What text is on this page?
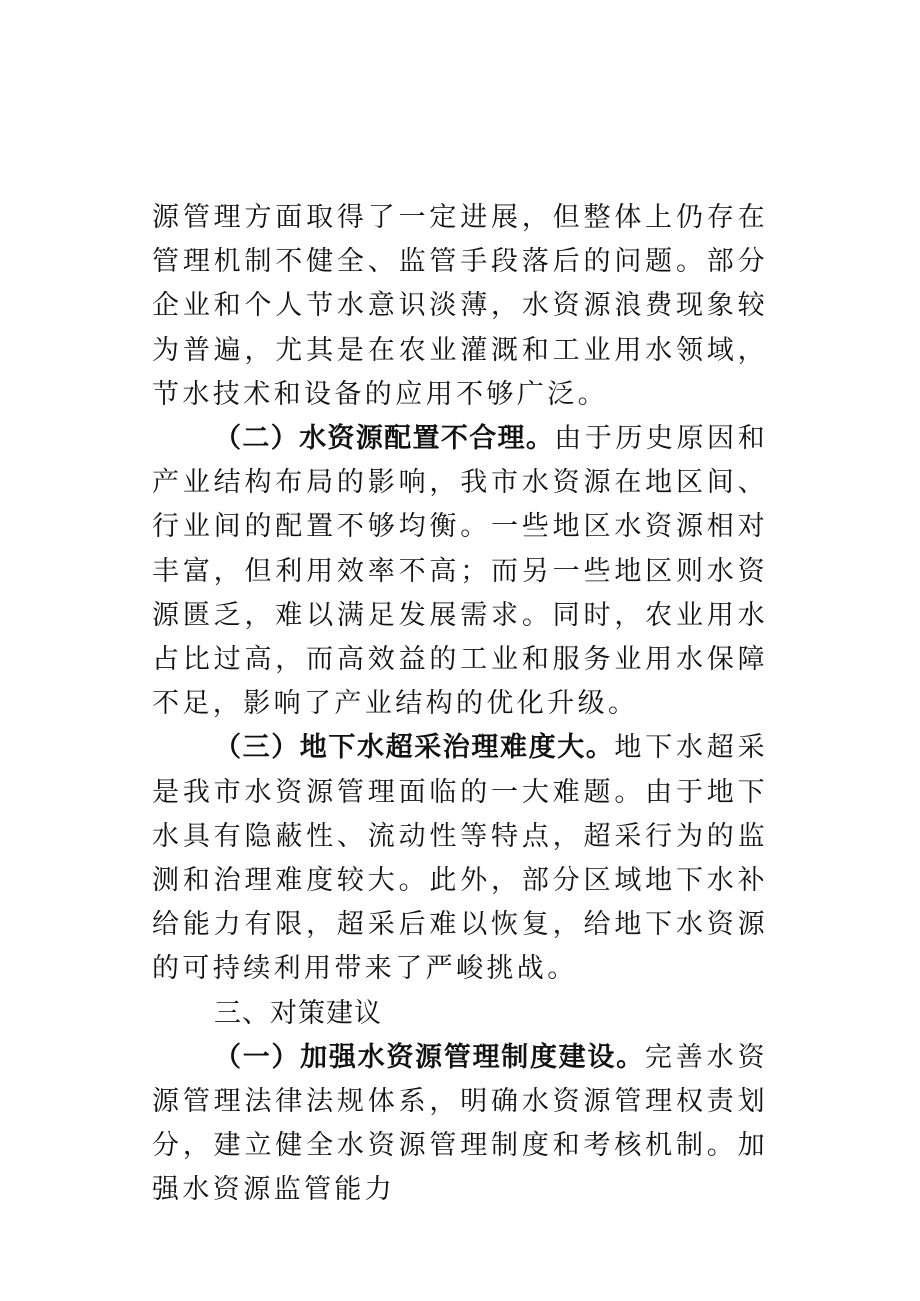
源管理方面取得了一定进展，但整体上仍存在管理机制不健全、监管手段落后的问题。部分企业和个人节水意识淡薄，水资源浪费现象较为普遍，尤其是在农业灌溉和工业用水领域，节水技术和设备的应用不够广泛。

（二）水资源配置不合理。由于历史原因和产业结构布局的影响，我市水资源在地区间、行业间的配置不够均衡。一些地区水资源相对丰富，但利用效率不高；而另一些地区则水资源匮乏，难以满足发展需求。同时，农业用水占比过高，而高效益的工业和服务业用水保障不足，影响了产业结构的优化升级。

（三）地下水超采治理难度大。地下水超采是我市水资源管理面临的一大难题。由于地下水具有隐蔽性、流动性等特点，超采行为的监测和治理难度较大。此外，部分区域地下水补给能力有限，超采后难以恢复，给地下水资源的可持续利用带来了严峻挑战。

三、对策建议

（一）加强水资源管理制度建设。完善水资源管理法律法规体系，明确水资源管理权责划分，建立健全水资源管理制度和考核机制。加强水资源监管能力
